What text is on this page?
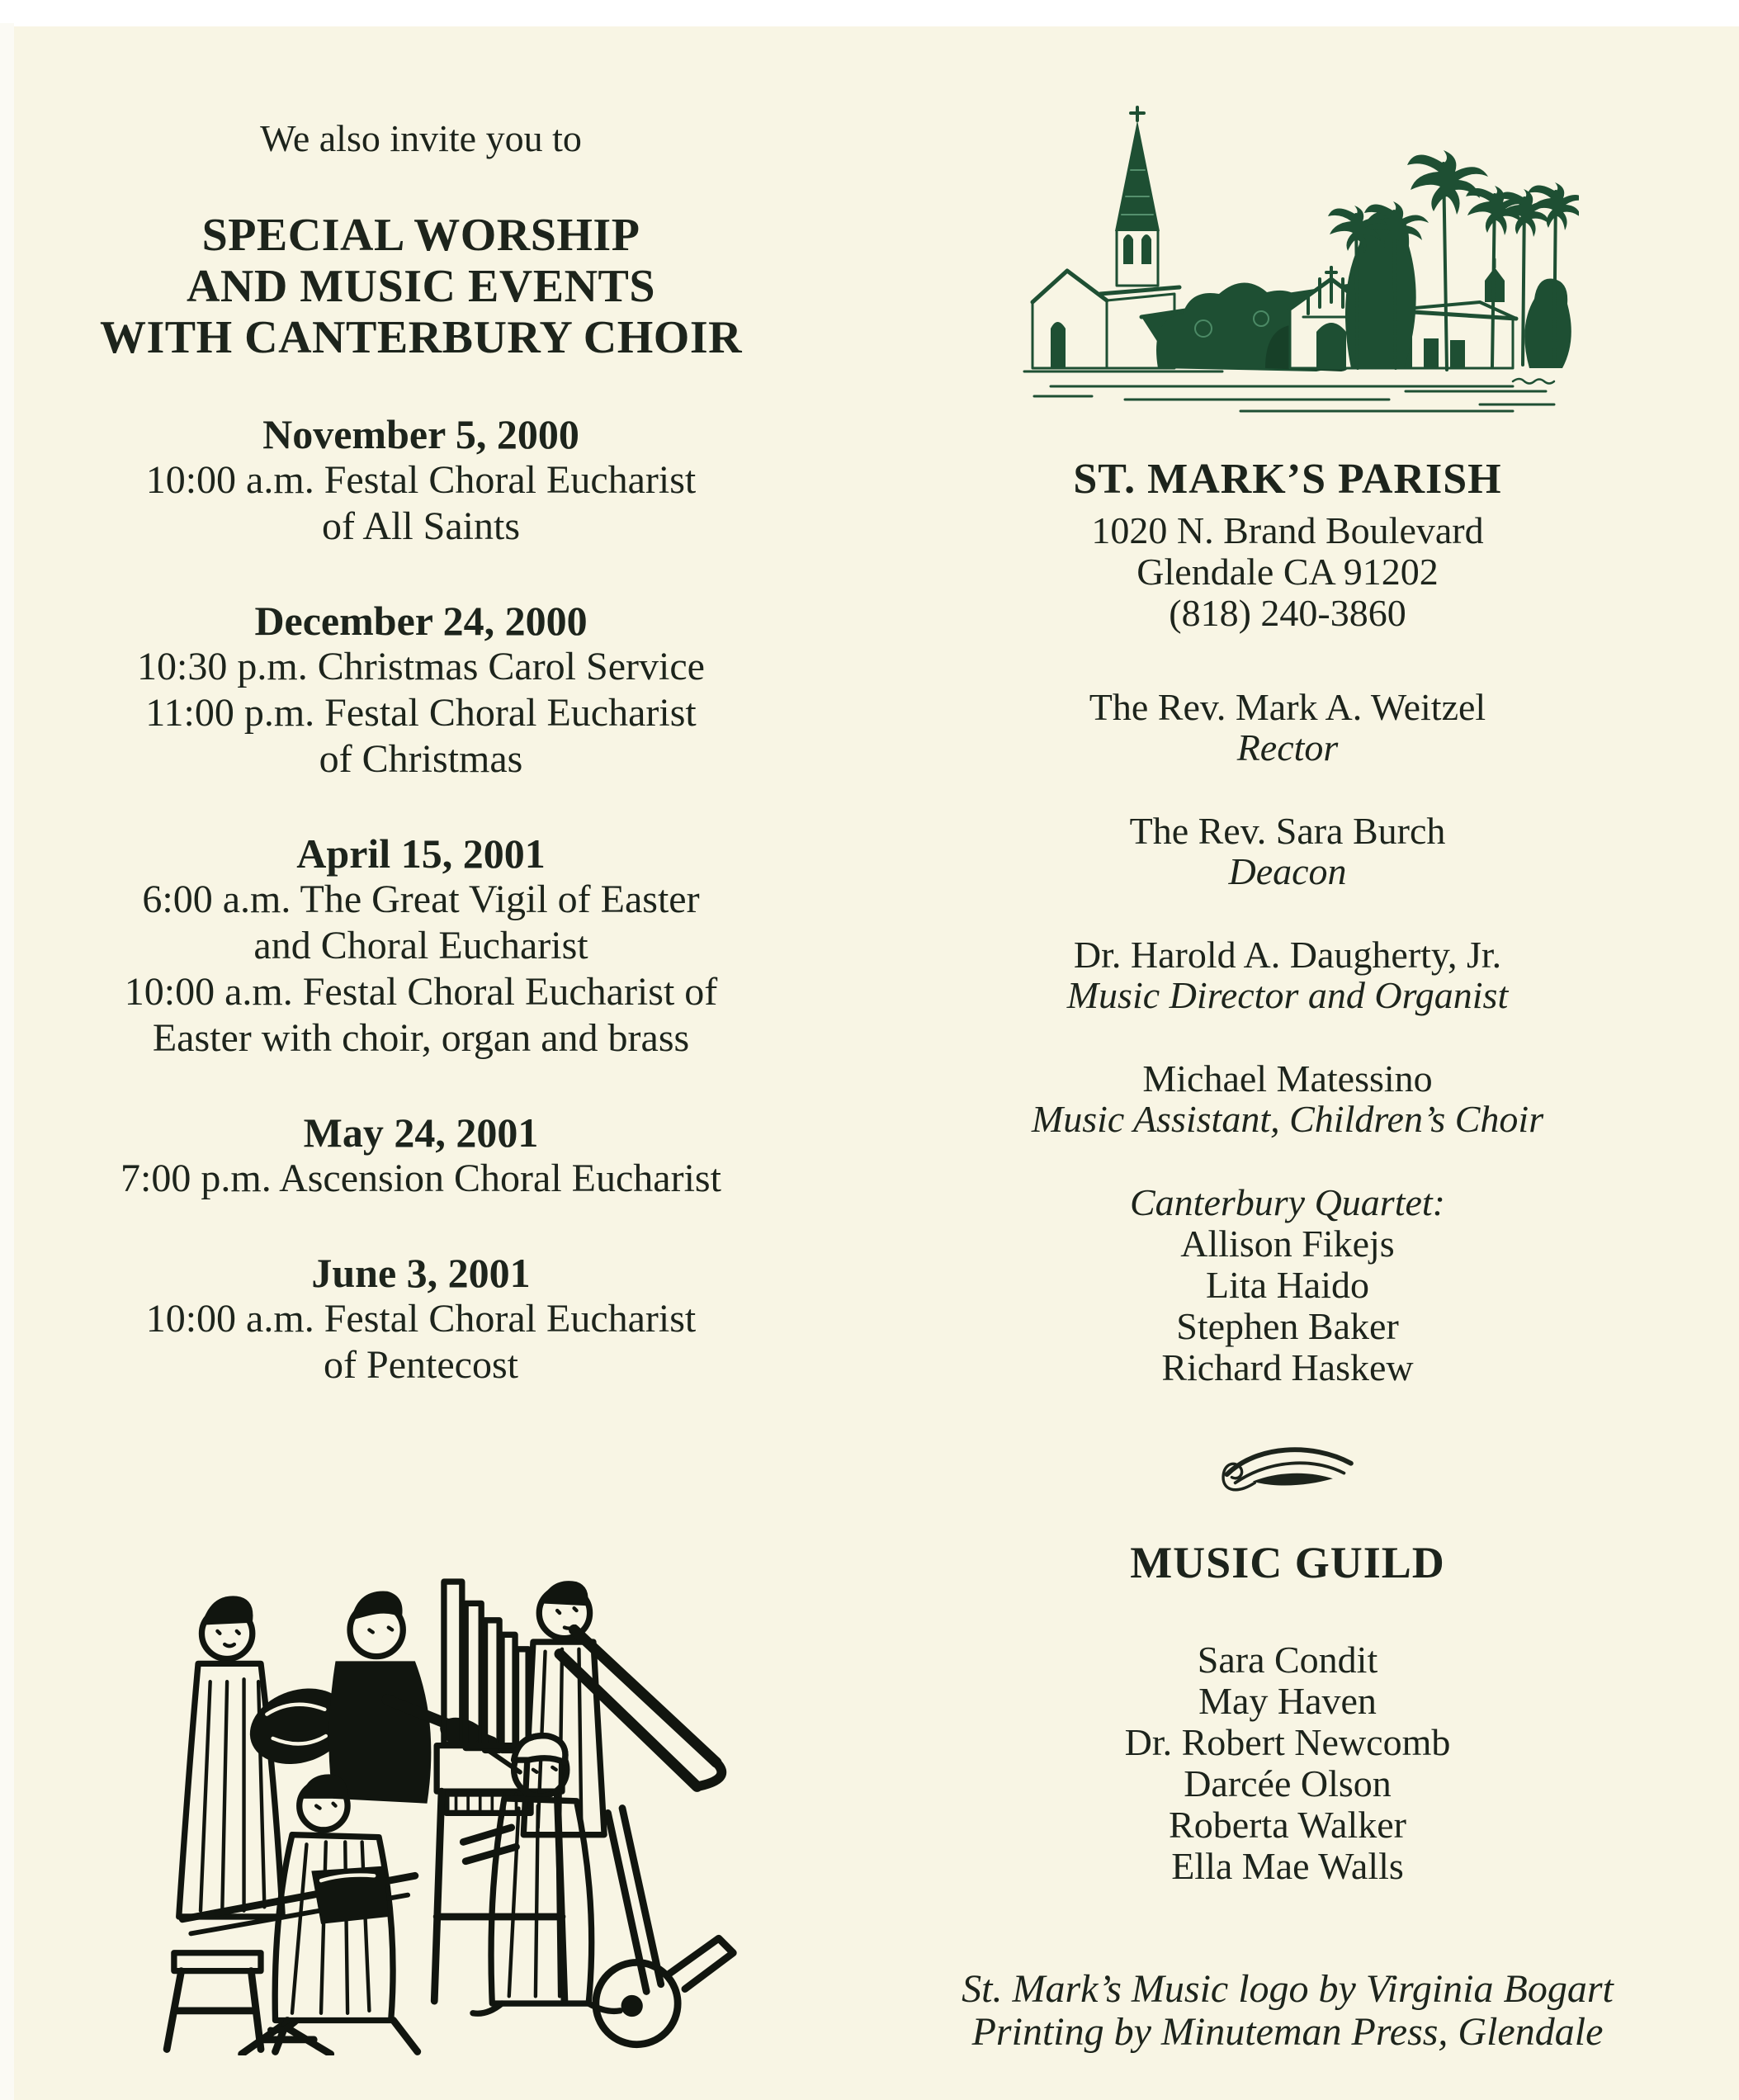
We also invite you to

SPECIAL WORSHIP
AND MUSIC EVENTS
WITH CANTERBURY CHOIR
November 5, 2000

10:00 a.m. Festal Choral Eucharist

of All Saints

December 24, 2000

10:30 p.m. Christmas Carol Service

11:00 p.m. Festal Choral Eucharist

of Christmas

April 15, 2001

6:00 a.m. The Great Vigil of Easter

and Choral Eucharist

10:00 a.m. Festal Choral Eucharist of

Easter with choir, organ and brass

May 24, 2001

7:00 p.m. Ascension Choral Eucharist

June 3, 2001

10:00 a.m. Festal Choral Eucharist

of Pentecost

ST. MARK’S PARISH

1020 N. Brand Boulevard

Glendale CA 91202

(818) 240-3860

The Rev. Mark A. Weitzel

Rector

The Rev. Sara Burch

Deacon

Dr. Harold A. Daugherty, Jr.

Music Director and Organist

Michael Matessino

Music Assistant, Children’s Choir

Canterbury Quartet:

Allison Fikejs

Lita Haido

Stephen Baker

Richard Haskew

MUSIC GUILD

Sara Condit

May Haven

Dr. Robert Newcomb

Darcée Olson

Roberta Walker

Ella Mae Walls

St. Mark’s Music logo by Virginia Bogart

Printing by Minuteman Press, Glendale
